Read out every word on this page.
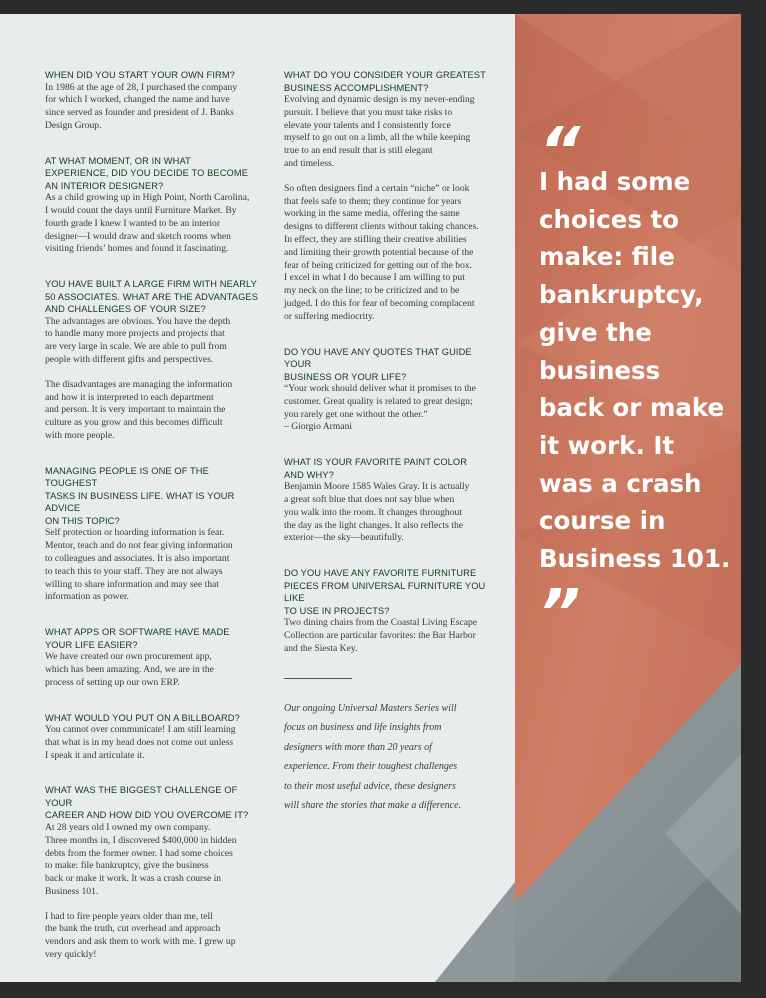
WHEN DID YOU START YOUR OWN FIRM?

In 1986 at the age of 28, I purchased the company
for which I worked, changed the name and have
since served as founder and president of J. Banks
Design Group.

AT WHAT MOMENT, OR IN WHAT
EXPERIENCE, DID YOU DECIDE TO BECOME
AN INTERIOR DESIGNER?

As a child growing up in High Point, North Carolina,
I would count the days until Furniture Market. By
fourth grade I knew I wanted to be an interior
designer—I would draw and sketch rooms when
visiting friends’ homes and found it fascinating.

YOU HAVE BUILT A LARGE FIRM WITH NEARLY
50 ASSOCIATES. WHAT ARE THE ADVANTAGES
AND CHALLENGES OF YOUR SIZE?

The advantages are obvious. You have the depth
to handle many more projects and projects that
are very large in scale. We are able to pull from
people with different gifts and perspectives.

The disadvantages are managing the information
and how it is interpreted to each department
and person. It is very important to maintain the
culture as you grow and this becomes difficult
with more people.

MANAGING PEOPLE IS ONE OF THE TOUGHEST
TASKS IN BUSINESS LIFE. WHAT IS YOUR ADVICE
ON THIS TOPIC?

Self protection or hoarding information is fear.
Mentor, teach and do not fear giving information
to colleagues and associates. It is also important
to teach this to your staff. They are not always
willing to share information and may see that
information as power.

WHAT APPS OR SOFTWARE HAVE MADE
YOUR LIFE EASIER?

We have created our own procurement app,
which has been amazing. And, we are in the
process of setting up our own ERP.

WHAT WOULD YOU PUT ON A BILLBOARD?

You cannot over communicate! I am still learning
that what is in my head does not come out unless
I speak it and articulate it.

WHAT WAS THE BIGGEST CHALLENGE OF YOUR
CAREER AND HOW DID YOU OVERCOME IT?

At 28 years old I owned my own company.
Three months in, I discovered $400,000 in hidden
debts from the former owner. I had some choices
to make: file bankruptcy, give the business
back or make it work. It was a crash course in
Business 101.

I had to fire people years older than me, tell
the bank the truth, cut overhead and approach
vendors and ask them to work with me. I grew up
very quickly!

WHAT DO YOU CONSIDER YOUR GREATEST
BUSINESS ACCOMPLISHMENT?

Evolving and dynamic design is my never-ending
pursuit. I believe that you must take risks to
elevate your talents and I consistently force
myself to go out on a limb, all the while keeping
true to an end result that is still elegant
and timeless.

So often designers find a certain “niche” or look
that feels safe to them; they continue for years
working in the same media, offering the same
designs to different clients without taking chances.
In effect, they are stifling their creative abilities
and limiting their growth potential because of the
fear of being criticized for getting out of the box.
I excel in what I do because I am willing to put
my neck on the line; to be criticized and to be
judged. I do this for fear of becoming complacent
or suffering mediocrity.

DO YOU HAVE ANY QUOTES THAT GUIDE YOUR
BUSINESS OR YOUR LIFE?

“Your work should deliver what it promises to the
customer. Great quality is related to great design;
you rarely get one without the other.”
– Giorgio Armani

WHAT IS YOUR FAVORITE PAINT COLOR
AND WHY?

Benjamin Moore 1585 Wales Gray. It is actually
a great soft blue that does not say blue when
you walk into the room. It changes throughout
the day as the light changes. It also reflects the
exterior—the sky—beautifully.

DO YOU HAVE ANY FAVORITE FURNITURE
PIECES FROM UNIVERSAL FURNITURE YOU LIKE
TO USE IN PROJECTS?

Two dining chairs from the Coastal Living Escape
Collection are particular favorites: the Bar Harbor
and the Siesta Key.

Our ongoing Universal Masters Series will
focus on business and life insights from
designers with more than 20 years of
experience. From their toughest challenges
to their most useful advice, these designers
will share the stories that make a difference.

“

I had some
choices to
make: file
bankruptcy,
give the
business
back or make
it work. It
was a crash
course in
Business 101.

”
